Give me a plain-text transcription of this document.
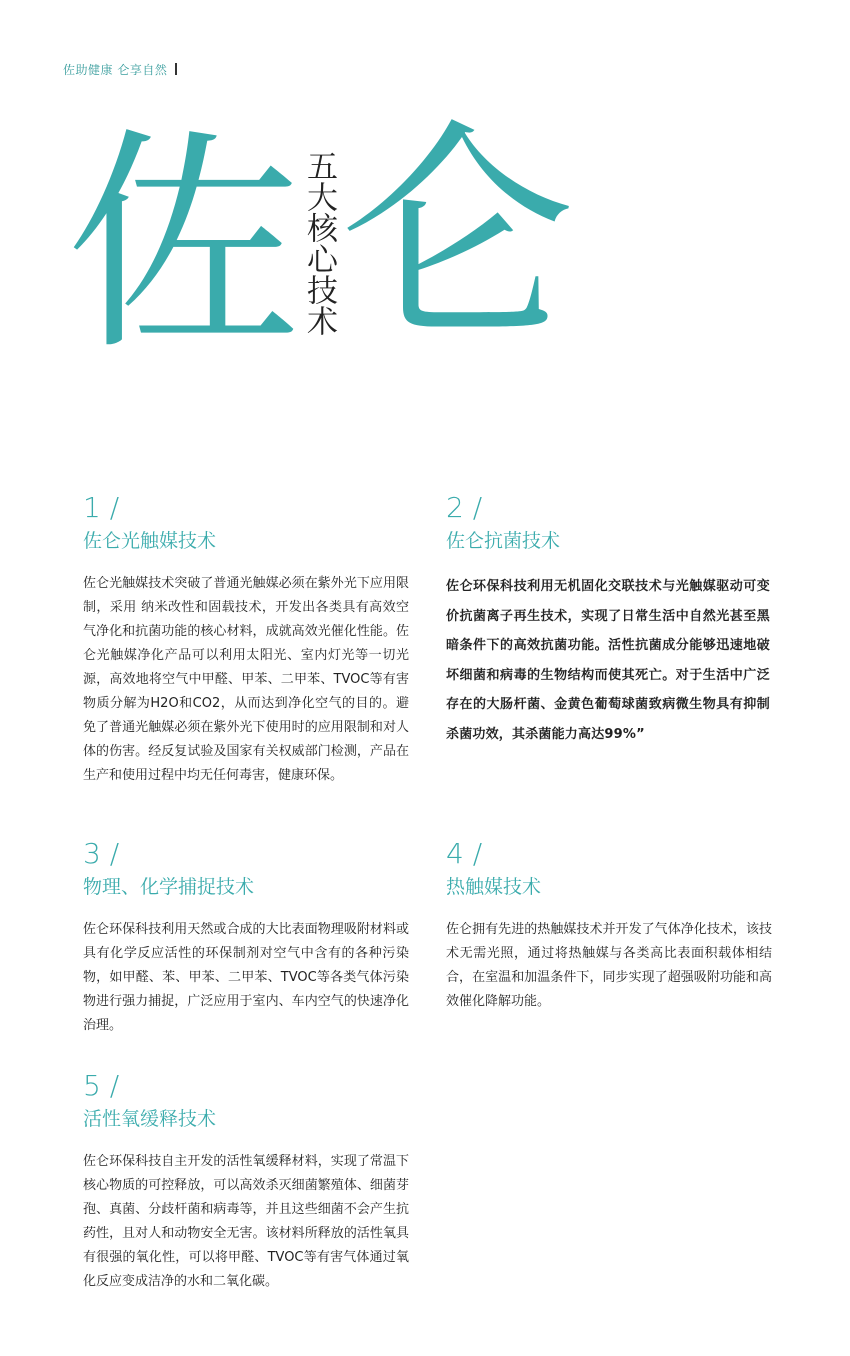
佐助健康 仑享自然
佐 五大核心技术 仑
1 /
佐仑光触媒技术
佐仑光触媒技术突破了普通光触媒必须在紫外光下应用限制，采用 纳米改性和固载技术，开发出各类具有高效空气净化和抗菌功能的核心材料，成就高效光催化性能。佐仑光触媒净化产品可以利用太阳光、室内灯光等一切光源，高效地将空气中甲醛、甲苯、二甲苯、TVOC等有害物质分解为H2O和CO2，从而达到净化空气的目的。避免了普通光触媒必须在紫外光下使用时的应用限制和对人体的伤害。经反复试验及国家有关权威部门检测，产品在生产和使用过程中均无任何毒害，健康环保。
2 /
佐仑抗菌技术
佐仑环保科技利用无机固化交联技术与光触媒驱动可变价抗菌离子再生技术，实现了日常生活中自然光甚至黑暗条件下的高效抗菌功能。活性抗菌成分能够迅速地破坏细菌和病毒的生物结构而使其死亡。对于生活中广泛存在的大肠杆菌、金黄色葡萄球菌致病微生物具有抑制杀菌功效，其杀菌能力高达99%”
3 /
物理、化学捕捉技术
佐仑环保科技利用天然或合成的大比表面物理吸附材料或具有化学反应活性的环保制剂对空气中含有的各种污染物，如甲醛、苯、甲苯、二甲苯、TVOC等各类气体污染物进行强力捕捉，广泛应用于室内、车内空气的快速净化治理。
4 /
热触媒技术
佐仑拥有先进的热触媒技术并开发了气体净化技术，该技术无需光照，通过将热触媒与各类高比表面积载体相结合，在室温和加温条件下，同步实现了超强吸附功能和高效催化降解功能。
5 /
活性氧缓释技术
佐仑环保科技自主开发的活性氧缓释材料，实现了常温下核心物质的可控释放，可以高效杀灭细菌繁殖体、细菌芽孢、真菌、分歧杆菌和病毒等，并且这些细菌不会产生抗药性，且对人和动物安全无害。该材料所释放的活性氧具有很强的氧化性，可以将甲醛、TVOC等有害气体通过氧化反应变成洁净的水和二氧化碳。
